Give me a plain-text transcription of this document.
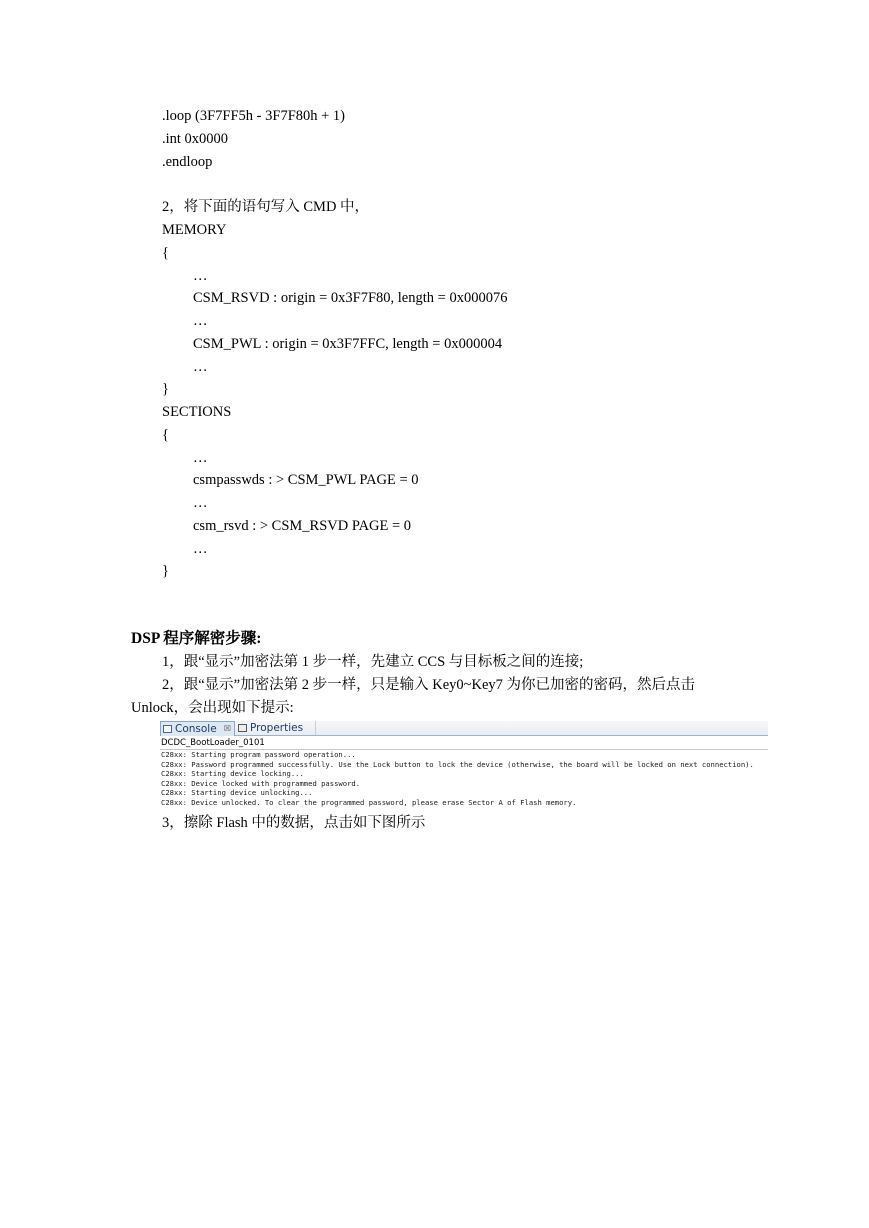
.loop (3F7FF5h - 3F7F80h + 1)
.int 0x0000
.endloop
2，将下面的语句写入 CMD 中，
MEMORY
{
…
CSM_RSVD : origin = 0x3F7F80, length = 0x000076
…
CSM_PWL : origin = 0x3F7FFC, length = 0x000004
…
}
SECTIONS
{
…
csmpasswds : > CSM_PWL PAGE = 0
…
csm_rsvd : > CSM_RSVD PAGE = 0
…
}
DSP 程序解密步骤:
1，跟“显示”加密法第 1 步一样，先建立 CCS 与目标板之间的连接;
2，跟“显示”加密法第 2 步一样，只是输入 Key0~Key7 为你已加密的密码，然后点击
Unlock，会出现如下提示:
Console ☒	Properties
DCDC_BootLoader_0101
C28xx: Starting program password operation...
C28xx: Password programmed successfully. Use the Lock button to lock the device (otherwise, the board will be locked on next connection).
C28xx: Starting device locking...
C28xx: Device locked with programmed password.
C28xx: Starting device unlocking...
C28xx: Device unlocked. To clear the programmed password, please erase Sector A of Flash memory.
3，擦除 Flash 中的数据，点击如下图所示
